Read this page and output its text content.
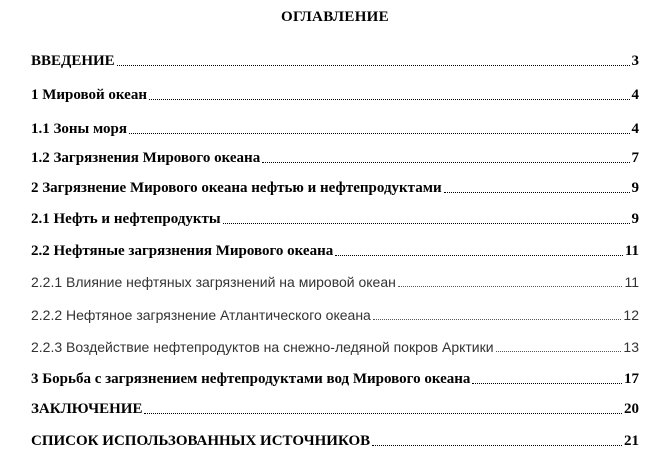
ОГЛАВЛЕНИЕ
ВВЕДЕНИЕ	3
1 Мировой океан	4
1.1 Зоны моря	4
1.2 Загрязнения Мирового океана	7
2 Загрязнение Мирового океана нефтью и нефтепродуктами	9
2.1 Нефть и нефтепродукты	9
2.2 Нефтяные загрязнения Мирового океана	11
2.2.1 Влияние нефтяных загрязнений на мировой океан	11
2.2.2 Нефтяное загрязнение Атлантического океана	12
2.2.3 Воздействие нефтепродуктов на снежно-ледяной покров Арктики	13
3 Борьба с загрязнением нефтепродуктами вод Мирового океана	17
ЗАКЛЮЧЕНИЕ	20
СПИСОК ИСПОЛЬЗОВАННЫХ ИСТОЧНИКОВ	21
